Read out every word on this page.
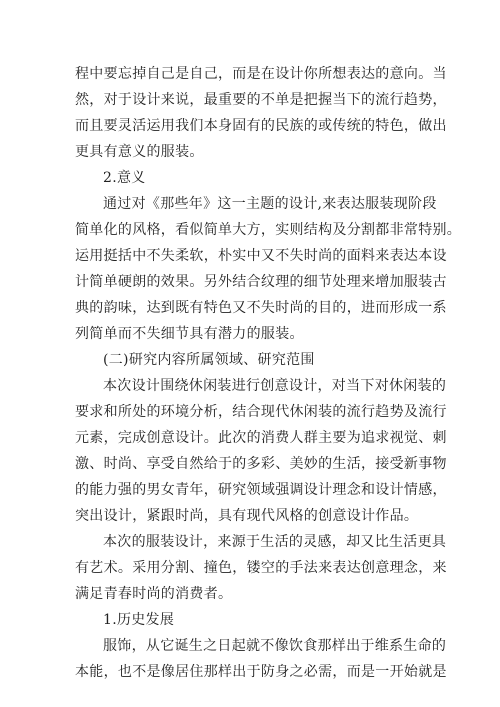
程中要忘掉自己是自己，而是在设计你所想表达的意向。当
然，对于设计来说，最重要的不单是把握当下的流行趋势，
而且要灵活运用我们本身固有的民族的或传统的特色，做出
更具有意义的服装。
2.意义
通过对《那些年》这一主题的设计,来表达服装现阶段
简单化的风格，看似简单大方，实则结构及分割都非常特别。
运用挺括中不失柔软，朴实中又不失时尚的面料来表达本设
计简单硬朗的效果。另外结合纹理的细节处理来增加服装古
典的韵味，达到既有特色又不失时尚的目的，进而形成一系
列简单而不失细节具有潜力的服装。
(二)研究内容所属领域、研究范围
本次设计围绕休闲装进行创意设计，对当下对休闲装的
要求和所处的环境分析，结合现代休闲装的流行趋势及流行
元素，完成创意设计。此次的消费人群主要为追求视觉、刺
激、时尚、享受自然给于的多彩、美妙的生活，接受新事物
的能力强的男女青年，研究领域强调设计理念和设计情感，
突出设计，紧跟时尚，具有现代风格的创意设计作品。
本次的服装设计，来源于生活的灵感，却又比生活更具
有艺术。采用分割、撞色，镂空的手法来表达创意理念，来
满足青春时尚的消费者。
1.历史发展
服饰，从它诞生之日起就不像饮食那样出于维系生命的
本能，也不是像居住那样出于防身之必需，而是一开始就是
